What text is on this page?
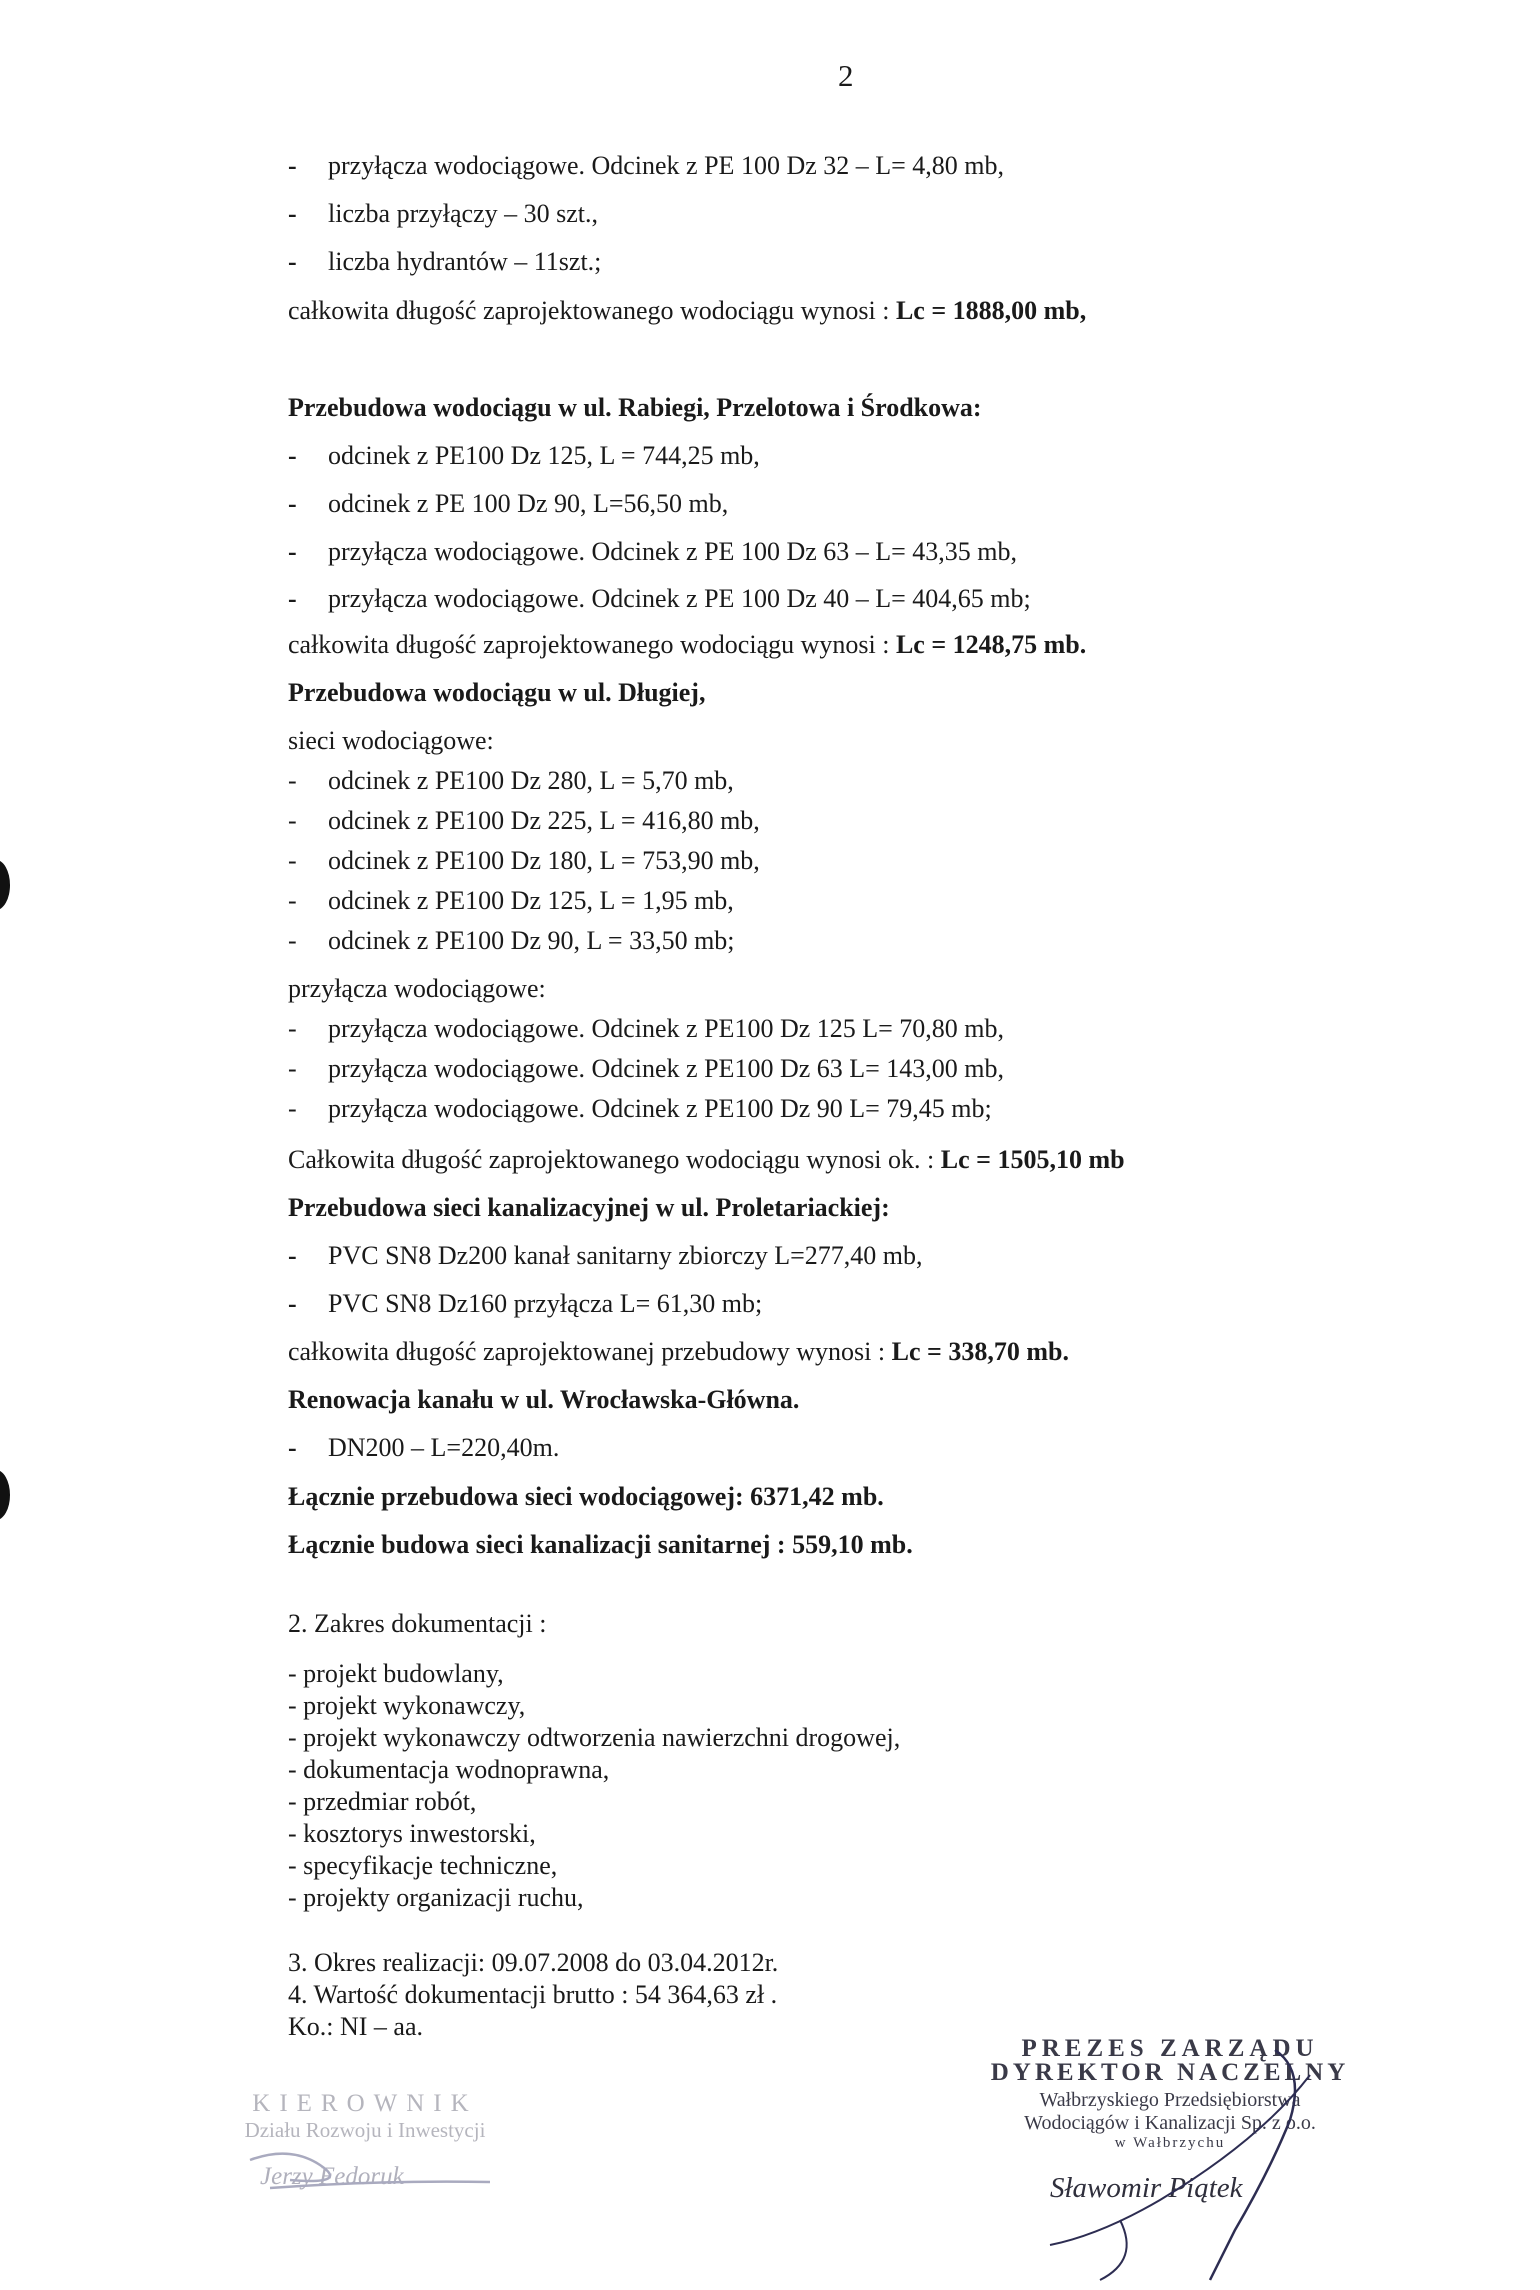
2
- przyłącza wodociągowe. Odcinek z PE 100 Dz 32 – L= 4,80 mb,
- liczba przyłączy – 30 szt.,
- liczba hydrantów – 11szt.;
całkowita długość zaprojektowanego wodociągu wynosi : Lc = 1888,00 mb,
Przebudowa wodociągu w ul. Rabiegi, Przelotowa i Środkowa:
- odcinek z PE100 Dz 125, L = 744,25 mb,
- odcinek z PE 100 Dz 90, L=56,50 mb,
- przyłącza wodociągowe. Odcinek z PE 100 Dz 63 – L= 43,35 mb,
- przyłącza wodociągowe. Odcinek z PE 100 Dz 40 – L= 404,65 mb;
całkowita długość zaprojektowanego wodociągu wynosi : Lc = 1248,75 mb.
Przebudowa wodociągu w ul. Długiej,
sieci wodociągowe:
- odcinek z PE100 Dz 280, L = 5,70 mb,
- odcinek z PE100 Dz 225, L = 416,80 mb,
- odcinek z PE100 Dz 180, L = 753,90 mb,
- odcinek z PE100 Dz 125, L = 1,95 mb,
- odcinek z PE100 Dz 90, L = 33,50 mb;
przyłącza wodociągowe:
- przyłącza wodociągowe. Odcinek z PE100 Dz 125 L= 70,80 mb,
- przyłącza wodociągowe. Odcinek z PE100 Dz 63 L= 143,00 mb,
- przyłącza wodociągowe. Odcinek z PE100 Dz 90 L= 79,45 mb;
Całkowita długość zaprojektowanego wodociągu wynosi ok. : Lc = 1505,10 mb
Przebudowa sieci kanalizacyjnej w ul. Proletariackiej:
- PVC SN8 Dz200 kanał sanitarny zbiorczy L=277,40 mb,
- PVC SN8 Dz160 przyłącza L= 61,30 mb;
całkowita długość zaprojektowanej przebudowy wynosi : Lc = 338,70 mb.
Renowacja kanału w ul. Wrocławska-Główna.
- DN200 – L=220,40m.
Łącznie przebudowa sieci wodociągowej: 6371,42 mb.
Łącznie budowa sieci kanalizacji sanitarnej : 559,10 mb.
2. Zakres dokumentacji :
- projekt budowlany,
- projekt wykonawczy,
- projekt wykonawczy odtworzenia nawierzchni drogowej,
- dokumentacja wodnoprawna,
- przedmiar robót,
- kosztorys inwestorski,
- specyfikacje techniczne,
- projekty organizacji ruchu,
3. Okres realizacji: 09.07.2008 do 03.04.2012r.
4. Wartość dokumentacji brutto : 54 364,63 zł .
Ko.: NI – aa.
KIEROWNIK
Działu Rozwoju i Inwestycji
Jerzy Fedoruk
PREZES ZARZĄDU
DYREKTOR NACZELNY
Wałbrzyskiego Przedsiębiorstwa
Wodociągów i Kanalizacji Sp. z o.o.
w Wałbrzychu
Sławomir Piątek
